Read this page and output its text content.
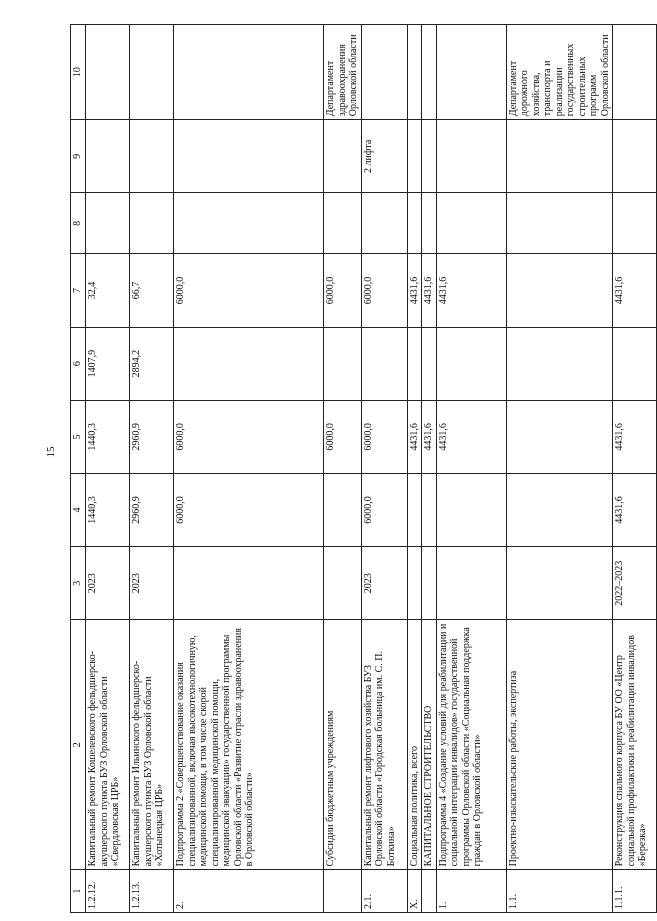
15
1	2	3	4	5	6	7	8	9	10
1.2.12.	Капитальный ремонт Кошелевского фельдшерско-акушерского пункта БУЗ Орловской области «Свердловская ЦРБ»	2023	1440,3	1440,3	1407,9	32,4			
1.2.13.	Капитальный ремонт Ильинского фельдшерско-акушерского пункта БУЗ Орловской области «Хотынецкая ЦРБ»	2023	2960,9	2960,9	2894,2	66,7			
2.	Подпрограмма 2 «Совершенствование оказания специализированной, включая высокотехнологичную, медицинской помощи, в том числе скорой специализированной медицинской помощи, медицинской эвакуации» государственной программы Орловской области «Развитие отрасли здравоохранения в Орловской области»		6000,0	6000,0		6000,0			
	Субсидии бюджетным учреждениям			6000,0		6000,0			Департамент здравоохранения Орловской области
2.1.	Капитальный ремонт лифтового хозяйства БУЗ Орловской области «Городская больница им. С. П. Боткина»	2023	6000,0	6000,0		6000,0		2 лифта	
X.	Социальная политика, всего			4431,6		4431,6			
	КАПИТАЛЬНОЕ СТРОИТЕЛЬСТВО			4431,6		4431,6			
1.	Подпрограмма 4 «Создание условий для реабилитации и социальной интеграции инвалидов» государственной программы Орловской области «Социальная поддержка граждан в Орловской области»			4431,6		4431,6			
1.1.	Проектно-изыскательские работы, экспертиза								Департамент дорожного хозяйства, транспорта и реализации государственных строительных программ Орловской области
1.1.1.	Реконструкция спального корпуса БУ ОО «Центр социальной профилактики и реабилитации инвалидов «Березка»	2022–2023	4431,6	4431,6		4431,6			
